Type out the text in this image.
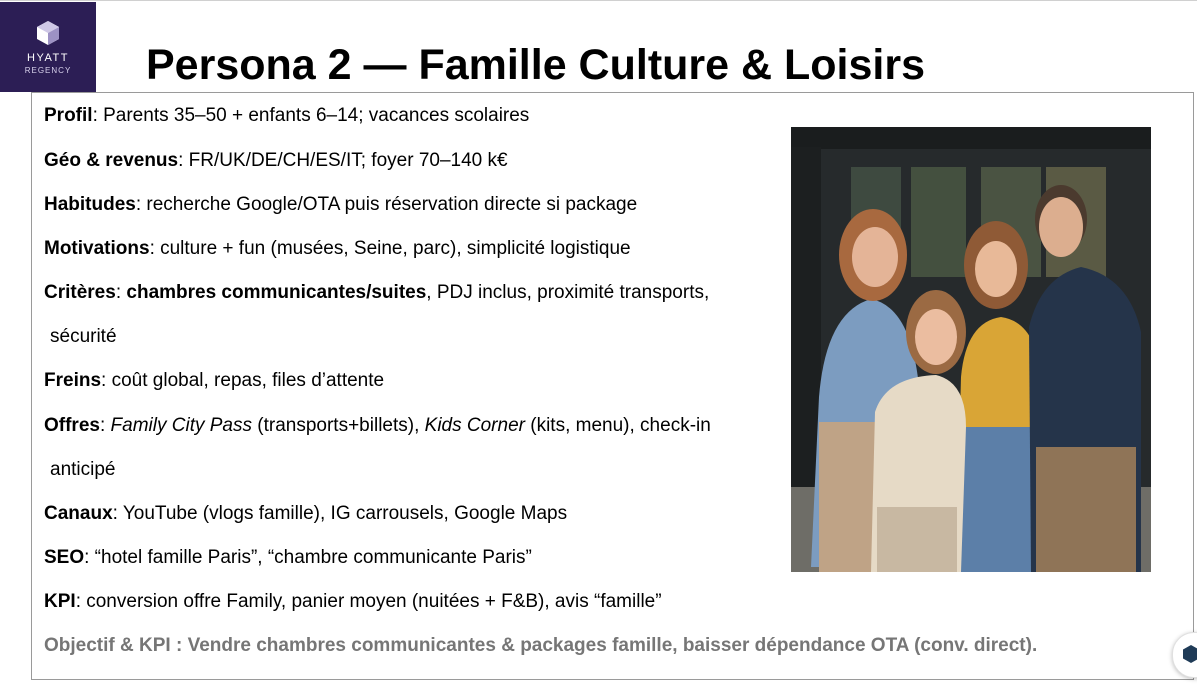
HYATT
REGENCY	Persona 2 — Famille Culture & Loisirs

Profil: Parents 35–50 + enfants 6–14; vacances scolaires

Géo & revenus: FR/UK/DE/CH/ES/IT; foyer 70–140 k€

Habitudes: recherche Google/OTA puis réservation directe si package

Motivations: culture + fun (musées, Seine, parc), simplicité logistique

Critères: chambres communicantes/suites, PDJ inclus, proximité transports,

sécurité

Freins: coût global, repas, files d’attente

Offres: Family City Pass (transports+billets), Kids Corner (kits, menu), check-in

anticipé

Canaux: YouTube (vlogs famille), IG carrousels, Google Maps

SEO: “hotel famille Paris”, “chambre communicante Paris”

KPI: conversion offre Family, panier moyen (nuitées + F&B), avis “famille”

Objectif & KPI : Vendre chambres communicantes & packages famille, baisser dépendance OTA (conv. direct).
